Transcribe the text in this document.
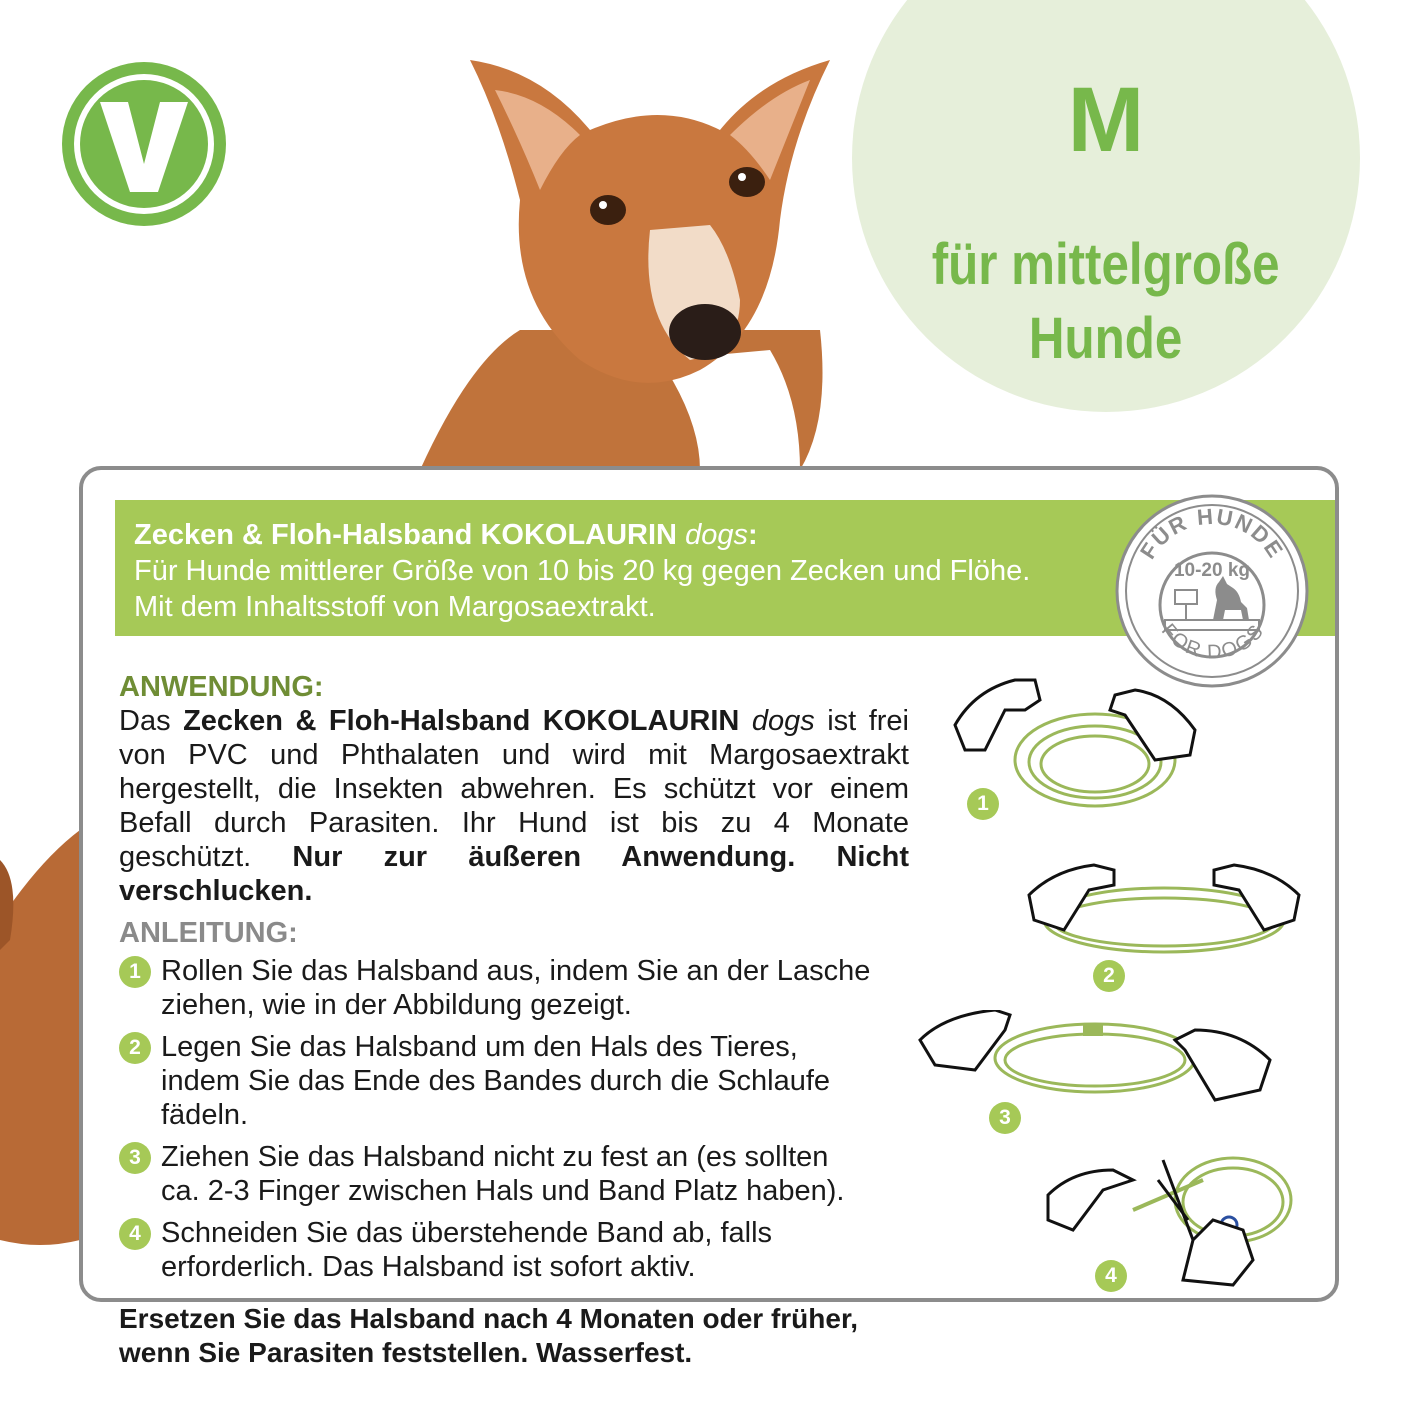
M
für mittelgroße
Hunde
Zecken & Floh-Halsband KOKOLAURIN dogs:
Für Hunde mittlerer Größe von 10 bis 20 kg gegen Zecken und Flöhe.
Mit dem Inhaltsstoff von Margosaextrakt.
FÜR HUNDE
FOR DOGS
10-20 kg
ANWENDUNG:
Das Zecken & Floh-Halsband KOKOLAURIN dogs ist frei von PVC und Phthalaten und wird mit Margosaextrakt hergestellt, die Insekten abwehren. Es schützt vor einem Befall durch Parasiten. Ihr Hund ist bis zu 4 Monate geschützt. Nur zur äußeren Anwendung. Nicht verschlucken.
ANLEITUNG:
1 Rollen Sie das Halsband aus, indem Sie an der Lasche ziehen, wie in der Abbildung gezeigt.
2 Legen Sie das Halsband um den Hals des Tieres, indem Sie das Ende des Bandes durch die Schlaufe fädeln.
3 Ziehen Sie das Halsband nicht zu fest an (es sollten ca. 2-3 Finger zwischen Hals und Band Platz haben).
4 Schneiden Sie das überstehende Band ab, falls erforderlich. Das Halsband ist sofort aktiv.
Ersetzen Sie das Halsband nach 4 Monaten oder früher, wenn Sie Parasiten feststellen. Wasserfest.
1
2
3
4
